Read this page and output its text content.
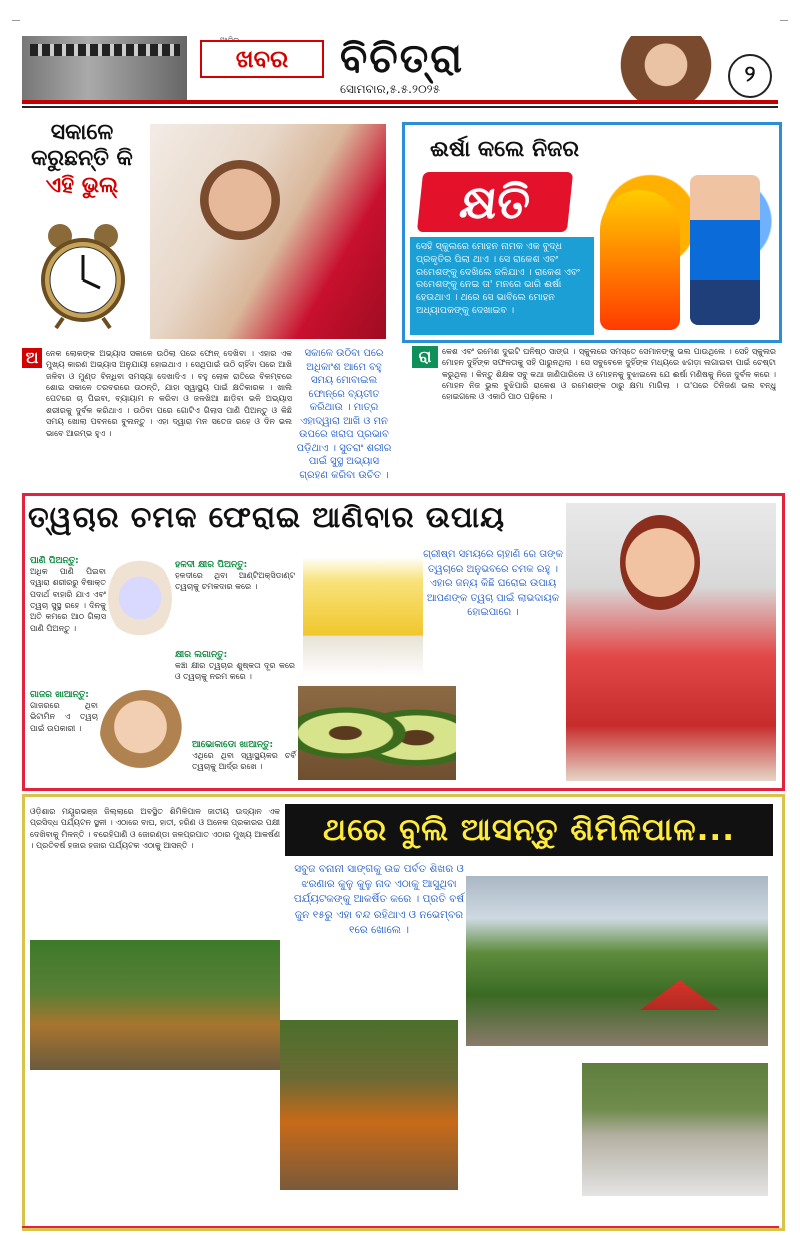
ଖବର	ବିଚିତ୍ରା
ସୋମବାର,୫.୫.୨୦୨୫
୨
ସକାଳେ
କରୁଛନ୍ତି କି
ଏହି ଭୁଲ୍
ଅ ନେକ ଲୋକଙ୍କ ଅଭ୍ୟାସ ସକାଳେ ଉଠିଲା ପରେ ଫୋନ୍ ଦେଖିବା । ଏହାର ଏକ ମୁଖ୍ୟ କାରଣ ଅଭ୍ୟାସ ଅନୁଯାୟୀ ହୋଇଥାଏ । ସେଥିପାଇଁ ଉଠି ଚାହିଁବା ପରେ ଆଖି ଜଳିବା ଓ ମୁଣ୍ଡ ବିନ୍ଧିବା ସମସ୍ୟା ଦେଖାଦିଏ । ବହୁ ଲୋକ ରାତିରେ ବିଳମ୍ବରେ ଶୋଇ ସକାଳେ ତରବରରେ ଉଠନ୍ତି, ଯାହା ସ୍ୱାସ୍ଥ୍ୟ ପାଇଁ କ୍ଷତିକାରକ । ଖାଲି ପେଟରେ ଚା ପିଇବା, ବ୍ୟାୟାମ ନ କରିବା ଓ ଜଳଖିଆ ଛାଡ଼ିବା ଭଳି ଅଭ୍ୟାସ ଶରୀରକୁ ଦୁର୍ବଳ କରିଥାଏ । ଉଠିବା ପରେ ଗୋଟିଏ ଗିଲାସ ପାଣି ପିଅନ୍ତୁ ଓ କିଛି ସମୟ ଖୋଲା ପବନରେ ବୁଲନ୍ତୁ । ଏହା ଦ୍ୱାରା ମନ ସତେଜ ରହେ ଓ ଦିନ ଭଲ ଭାବେ ଆରମ୍ଭ ହୁଏ ।
ସକାଳେ ଉଠିବା ପରେ ଅଧିକାଂଶ ଆମେ ବହୁ ସମୟ ମୋବାଇଲ ଫୋନ୍‌ରେ ବ୍ୟତୀତ କରିଥାଉ । ମାତ୍ର ଏହାଦ୍ୱାରା ଆଖି ଓ ମନ ଉପରେ ଖରାପ ପ୍ରଭାବ ପଡ଼ିଥାଏ । ସୁତରାଂ ଶରୀର ପାଇଁ ସୁସ୍ଥ ଅଭ୍ୟାସ ଗ୍ରହଣ କରିବା ଉଚିତ ।
ଈର୍ଷା କଲେ ନିଜର
କ୍ଷତି
ସେହି ସ୍କୁଲରେ ମୋହନ ନାମକ ଏକ ବୁଦ୍ଧ ପ୍ରକୃତିର ପିଲା ଥାଏ । ସେ ରାକେଶ ଏବଂ ରମେଶଙ୍କୁ ଦେଖିଲେ ଜଳିଯାଏ । ରାକେଶ ଏବଂ ରମେଶଙ୍କୁ ନେଇ ତା' ମନରେ ଭାରି ଈର୍ଷା ହେଉଥାଏ । ଥରେ ସେ ଭାବିଲେ ମୋହନ ଅଧ୍ୟାପକଙ୍କୁ ଦେଖାଇବ ।
ରା	କେଶ ଏବଂ ରମେଶ ଦୁଇଟି ଘନିଷ୍ଠ ସାଙ୍ଗ । ସ୍କୁଲରେ ସମସ୍ତେ ସେମାନଙ୍କୁ ଭଲ ପାଉଥିଲେ । ସେହି ସ୍କୁଲର ମୋହନ ଦୁହିଁଙ୍କ ସଫଳତାକୁ ସହି ପାରୁନଥିଲା । ସେ ସବୁବେଳେ ଦୁହିଁଙ୍କ ମଧ୍ୟରେ ଝଗଡ଼ା ଲଗାଇବା ପାଇଁ ଚେଷ୍ଟା କରୁଥିଲା । କିନ୍ତୁ ଶିକ୍ଷକ ସବୁ କଥା ଜାଣିପାରିଲେ ଓ ମୋହନକୁ ବୁଝାଇଲେ ଯେ ଈର୍ଷା ମଣିଷକୁ ନିଜେ ଦୁର୍ବଳ କରେ । ମୋହନ ନିଜ ଭୁଲ ବୁଝିପାରି ରାକେଶ ଓ ରମେଶଙ୍କ ଠାରୁ କ୍ଷମା ମାଗିଲା । ତା'ପରେ ତିନିଜଣ ଭଲ ବନ୍ଧୁ ହୋଇଗଲେ ଓ ଏକାଠି ପାଠ ପଢ଼ିଲେ ।
ତ୍ୱଚାର ଚମକ ଫେରାଇ ଆଣିବାର ଉପାୟ
ଗ୍ରୀଷ୍ମ ସମୟରେ ଚାହାଣି ରେ ତାଙ୍କ ତ୍ୱଚାରେ ଅନୁଭବରେ ଚମକ ରହୁ । ଏହାର ଜନ୍ୟ କିଛି ଘରୋଇ ଉପାୟ ଆପଣଙ୍କ ତ୍ୱଚା ପାଇଁ ଲାଭଦାୟକ ହୋଇପାରେ ।
ପାଣି ପିଅନ୍ତୁ:
ଅଧିକ ପାଣି ପିଇବା ଦ୍ୱାରା ଶରୀରରୁ ବିଷାକ୍ତ ପଦାର୍ଥ ବାହାରି ଯାଏ ଏବଂ ତ୍ୱଚା ସୁସ୍ଥ ରହେ । ଦିନକୁ ଅତି କମରେ ଆଠ ଗିଲାସ ପାଣି ପିଅନ୍ତୁ ।
ହଳଦୀ କ୍ଷୀର ପିଅନ୍ତୁ:
ହଳଦୀରେ ଥିବା ଆଣ୍ଟିଅକ୍ସିଡାଣ୍ଟ ତ୍ୱଚାକୁ ଚମକଦାର କରେ ।
କ୍ଷୀର ଲଗାନ୍ତୁ:
କଞ୍ଚା କ୍ଷୀର ତ୍ୱଚାର ଶୁଷ୍କତା ଦୂର କରେ ଓ ତ୍ୱଚାକୁ ନରମ କରେ ।
ଗାଜର ଖାଆନ୍ତୁ:
ଗାଜରରେ ଥିବା ଭିଟାମିନ ଏ ତ୍ୱଚା ପାଇଁ ଉପକାରୀ ।
ଆଭୋକାଡୋ ଖାଆନ୍ତୁ:
ଏଥିରେ ଥିବା ସ୍ୱାସ୍ଥ୍ୟକର ଚର୍ବି ତ୍ୱଚାକୁ ଆର୍ଦ୍ର ରଖେ ।
ଥରେ ବୁଲି ଆସନ୍ତୁ ଶିମିଳିପାଳ...
ସବୁଜ ବନାନୀ ସାଙ୍ଗକୁ ଉଚ୍ଚ ପର୍ବତ ଶିଖର ଓ ଝରଣାର କୁଳୁ କୁଳୁ ନାଦ ଏଠାକୁ ଆସୁଥିବା ପର୍ଯ୍ୟଟକଙ୍କୁ ଆକର୍ଷିତ କରେ । ପ୍ରତି ବର୍ଷ ଜୁନ ୧୫ରୁ ଏହା ବନ୍ଦ ରହିଥାଏ ଓ ନଭେମ୍ବର ୧ରେ ଖୋଲେ ।
ଓଡ଼ିଶାର ମୟୂରଭଞ୍ଜ ଜିଲ୍ଲାରେ ଅବସ୍ଥିତ ଶିମିଳିପାଳ ଜାତୀୟ ଉଦ୍ୟାନ ଏକ ପ୍ରସିଦ୍ଧ ପର୍ଯ୍ୟଟନ ସ୍ଥଳୀ । ଏଠାରେ ବାଘ, ହାତୀ, ହରିଣ ଓ ଅନେକ ପ୍ରକାରର ପକ୍ଷୀ ଦେଖିବାକୁ ମିଳନ୍ତି । ବରେହିପାଣି ଓ ଜୋରଣ୍ଡା ଜଳପ୍ରପାତ ଏଠାର ମୁଖ୍ୟ ଆକର୍ଷଣ । ପ୍ରତିବର୍ଷ ହଜାର ହଜାର ପର୍ଯ୍ୟଟକ ଏଠାକୁ ଆସନ୍ତି ।
